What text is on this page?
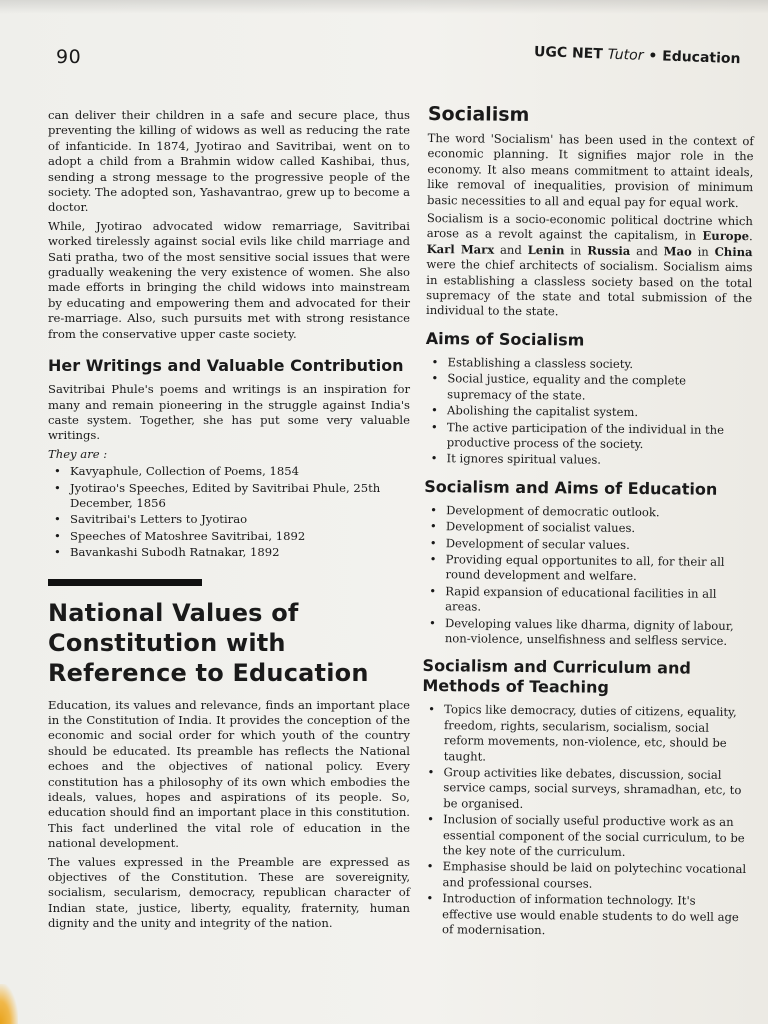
90	UGC NET Tutor • Education

can deliver their children in a safe and secure place, thus preventing the killing of widows as well as reducing the rate of infanticide. In 1874, Jyotirao and Savitribai, went on to adopt a child from a Brahmin widow called Kashibai, thus, sending a strong message to the progressive people of the society. The adopted son, Yashavantrao, grew up to become a doctor.

While, Jyotirao advocated widow remarriage, Savitribai worked tirelessly against social evils like child marriage and Sati pratha, two of the most sensitive social issues that were gradually weakening the very existence of women. She also made efforts in bringing the child widows into mainstream by educating and empowering them and advocated for their re-marriage. Also, such pursuits met with strong resistance from the conservative upper caste society.

Her Writings and Valuable Contribution

Savitribai Phule's poems and writings is an inspiration for many and remain pioneering in the struggle against India's caste system. Together, she has put some very valuable writings.

They are :
• Kavyaphule, Collection of Poems, 1854
• Jyotirao's Speeches, Edited by Savitribai Phule, 25th December, 1856
• Savitribai's Letters to Jyotirao
• Speeches of Matoshree Savitribai, 1892
• Bavankashi Subodh Ratnakar, 1892
National Values of Constitution with Reference to Education

Education, its values and relevance, finds an important place in the Constitution of India. It provides the conception of the economic and social order for which youth of the country should be educated. Its preamble has reflects the National echoes and the objectives of national policy. Every constitution has a philosophy of its own which embodies the ideals, values, hopes and aspirations of its people. So, education should find an important place in this constitution. This fact underlined the vital role of education in the national development.

The values expressed in the Preamble are expressed as objectives of the Constitution. These are sovereignity, socialism, secularism, democracy, republican character of Indian state, justice, liberty, equality, fraternity, human dignity and the unity and integrity of the nation.

Socialism

The word 'Socialism' has been used in the context of economic planning. It signifies major role in the economy. It also means commitment to attaint ideals, like removal of inequalities, provision of minimum basic necessities to all and equal pay for equal work.

Socialism is a socio-economic political doctrine which arose as a revolt against the capitalism, in Europe. Karl Marx and Lenin in Russia and Mao in China were the chief architects of socialism. Socialism aims in establishing a classless society based on the total supremacy of the state and total submission of the individual to the state.

Aims of Socialism
• Establishing a classless society.
• Social justice, equality and the complete supremacy of the state.
• Abolishing the capitalist system.
• The active participation of the individual in the productive process of the society.
• It ignores spiritual values.
Socialism and Aims of Education
• Development of democratic outlook.
• Development of socialist values.
• Development of secular values.
• Providing equal opportunites to all, for their all round development and welfare.
• Rapid expansion of educational facilities in all areas.
• Developing values like dharma, dignity of labour, non-violence, unselfishness and selfless service.
Socialism and Curriculum and Methods of Teaching
• Topics like democracy, duties of citizens, equality, freedom, rights, secularism, socialism, social reform movements, non-violence, etc, should be taught.
• Group activities like debates, discussion, social service camps, social surveys, shramadhan, etc, to be organised.
• Inclusion of socially useful productive work as an essential component of the social curriculum, to be the key note of the curriculum.
• Emphasise should be laid on polytechinc vocational and professional courses.
• Introduction of information technology. It's effective use would enable students to do well age of modernisation.
